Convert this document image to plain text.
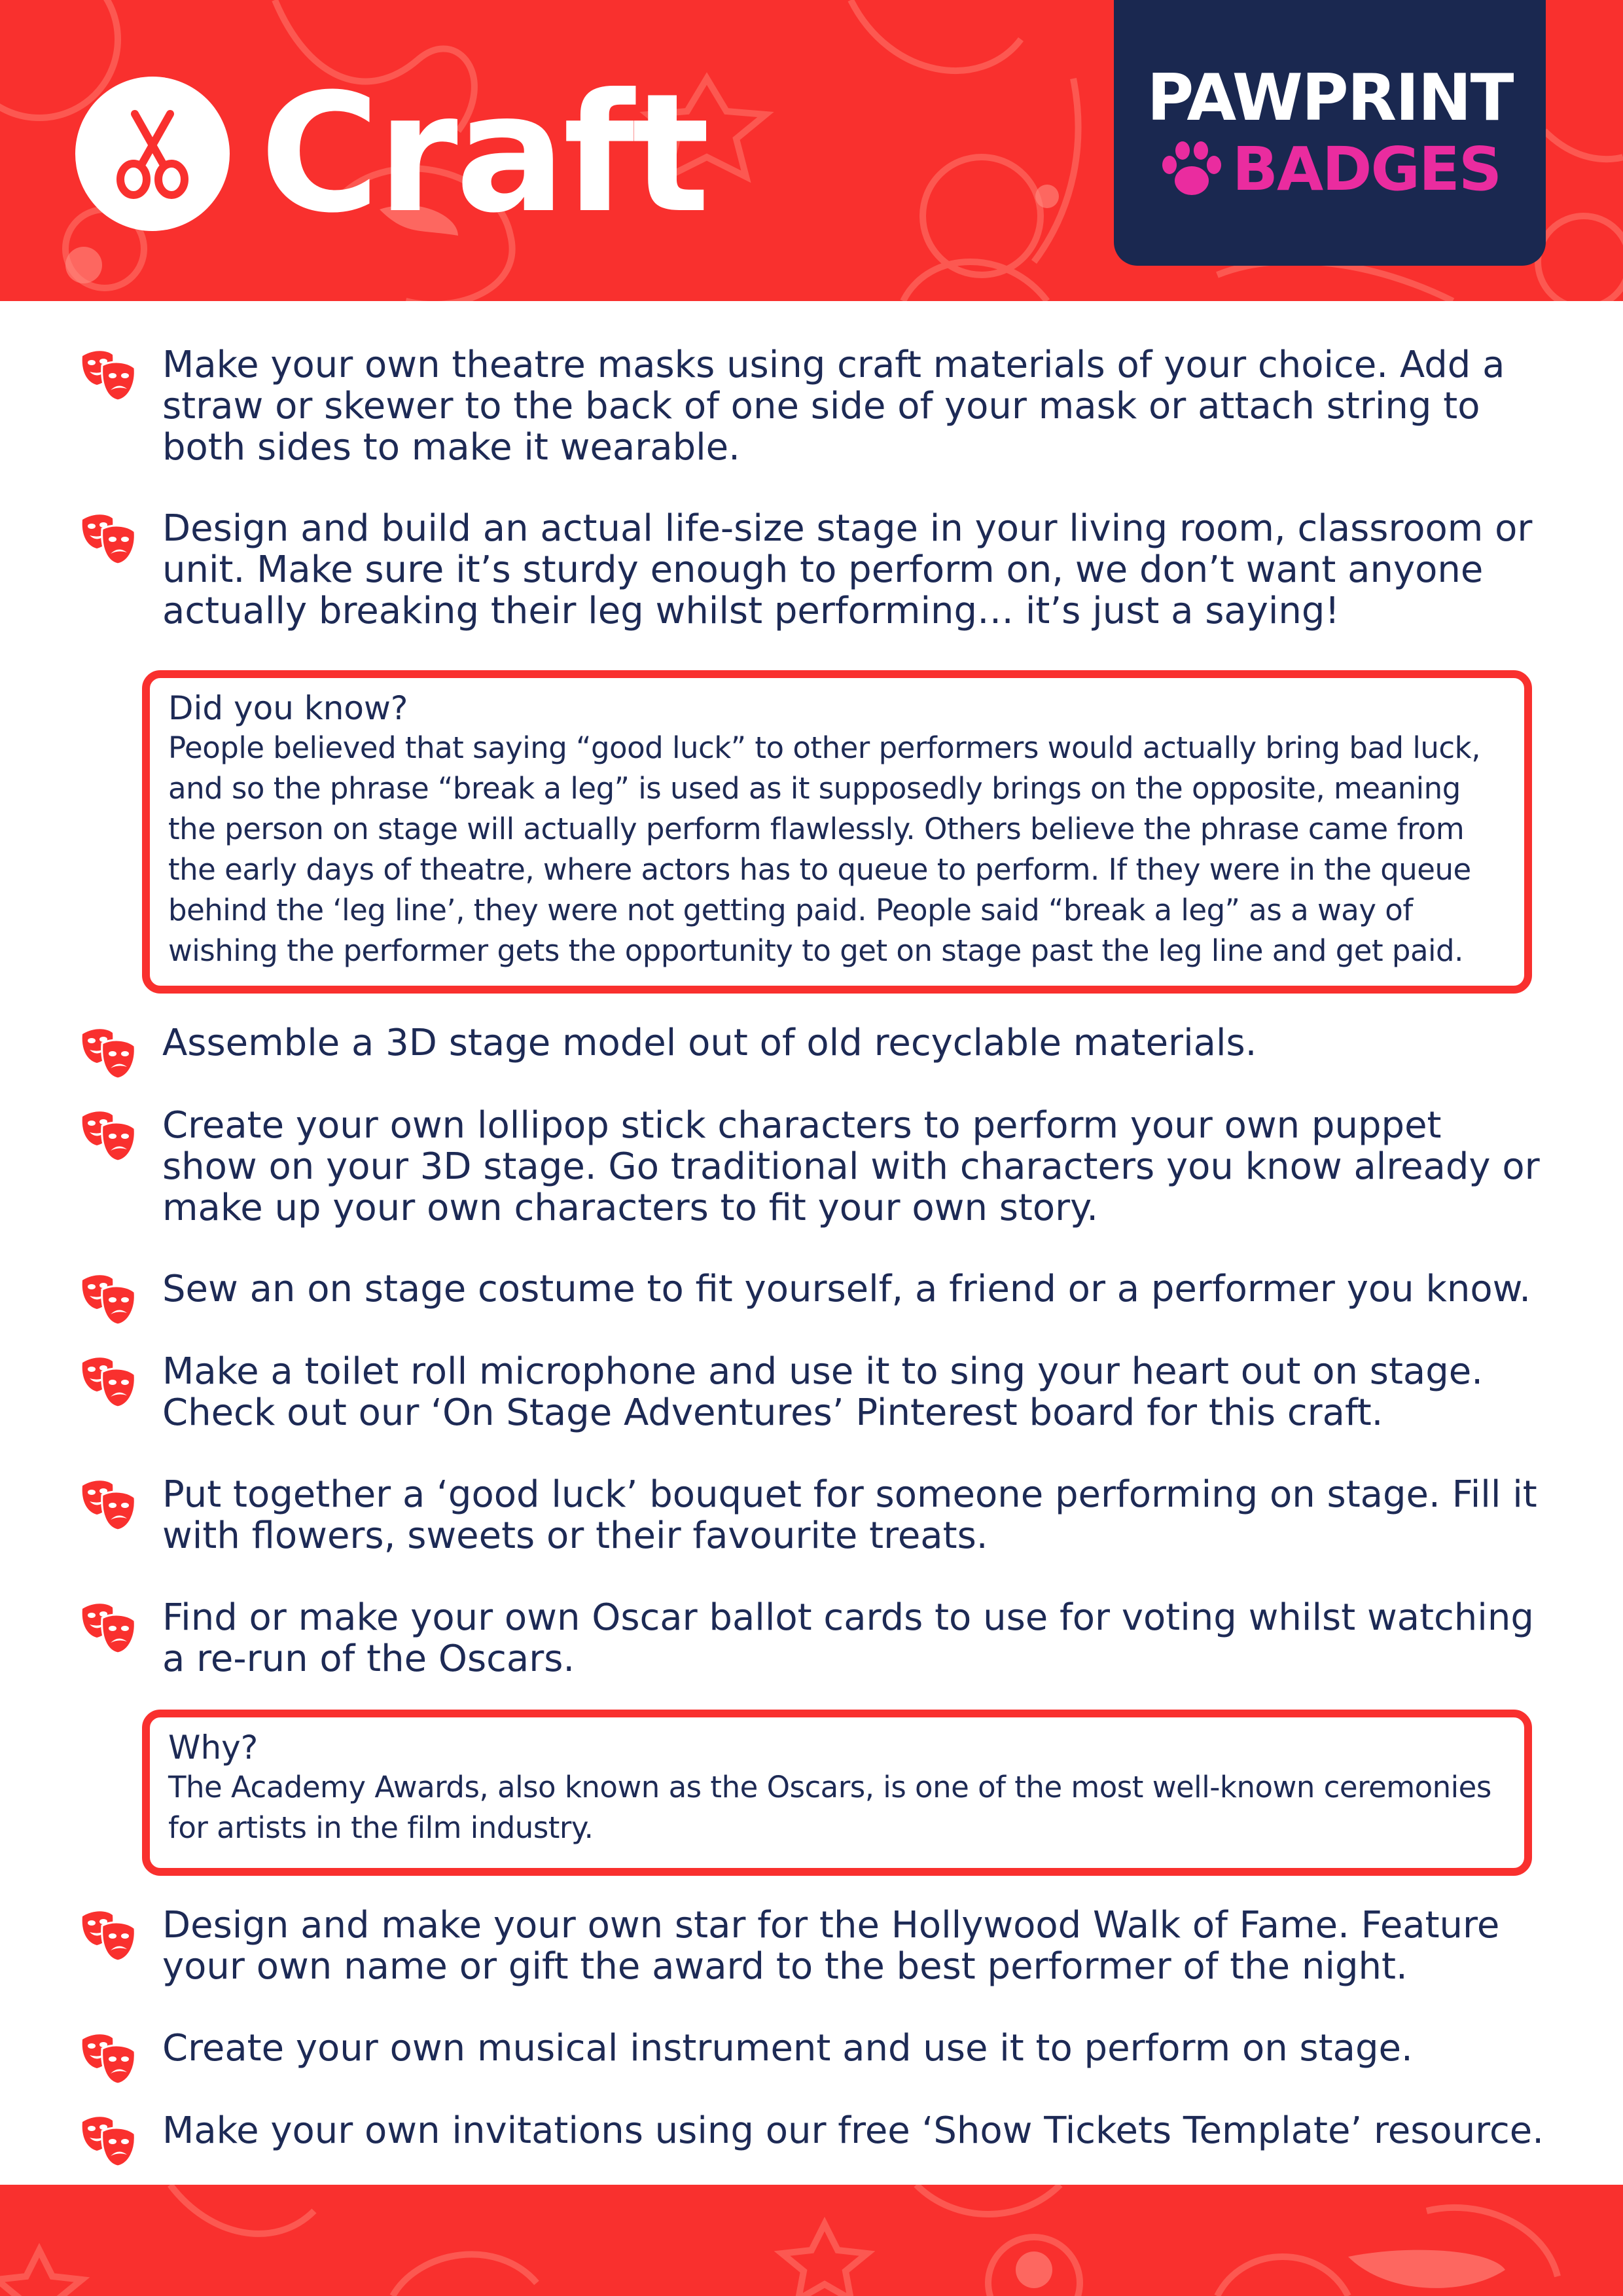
Craft	PAWPRINT
BADGES
Make your own theatre masks using craft materials of your choice. Add a straw or skewer to the back of one side of your mask or attach string to both sides to make it wearable.
Design and build an actual life-size stage in your living room, classroom or unit. Make sure it’s sturdy enough to perform on, we don’t want anyone actually breaking their leg whilst performing… it’s just a saying!
Did you know?
People believed that saying “good luck” to other performers would actually bring bad luck, and so the phrase “break a leg” is used as it supposedly brings on the opposite, meaning the person on stage will actually perform flawlessly. Others believe the phrase came from the early days of theatre, where actors has to queue to perform. If they were in the queue behind the ‘leg line’, they were not getting paid. People said “break a leg” as a way of wishing the performer gets the opportunity to get on stage past the leg line and get paid.
Assemble a 3D stage model out of old recyclable materials.
Create your own lollipop stick characters to perform your own puppet show on your 3D stage. Go traditional with characters you know already or make up your own characters to fit your own story.
Sew an on stage costume to fit yourself, a friend or a performer you know.
Make a toilet roll microphone and use it to sing your heart out on stage. Check out our ‘On Stage Adventures’ Pinterest board for this craft.
Put together a ‘good luck’ bouquet for someone performing on stage. Fill it with flowers, sweets or their favourite treats.
Find or make your own Oscar ballot cards to use for voting whilst watching a re-run of the Oscars.
Why?
The Academy Awards, also known as the Oscars, is one of the most well-known ceremonies for artists in the film industry.
Design and make your own star for the Hollywood Walk of Fame. Feature your own name or gift the award to the best performer of the night.
Create your own musical instrument and use it to perform on stage.
Make your own invitations using our free ‘Show Tickets Template’ resource.
